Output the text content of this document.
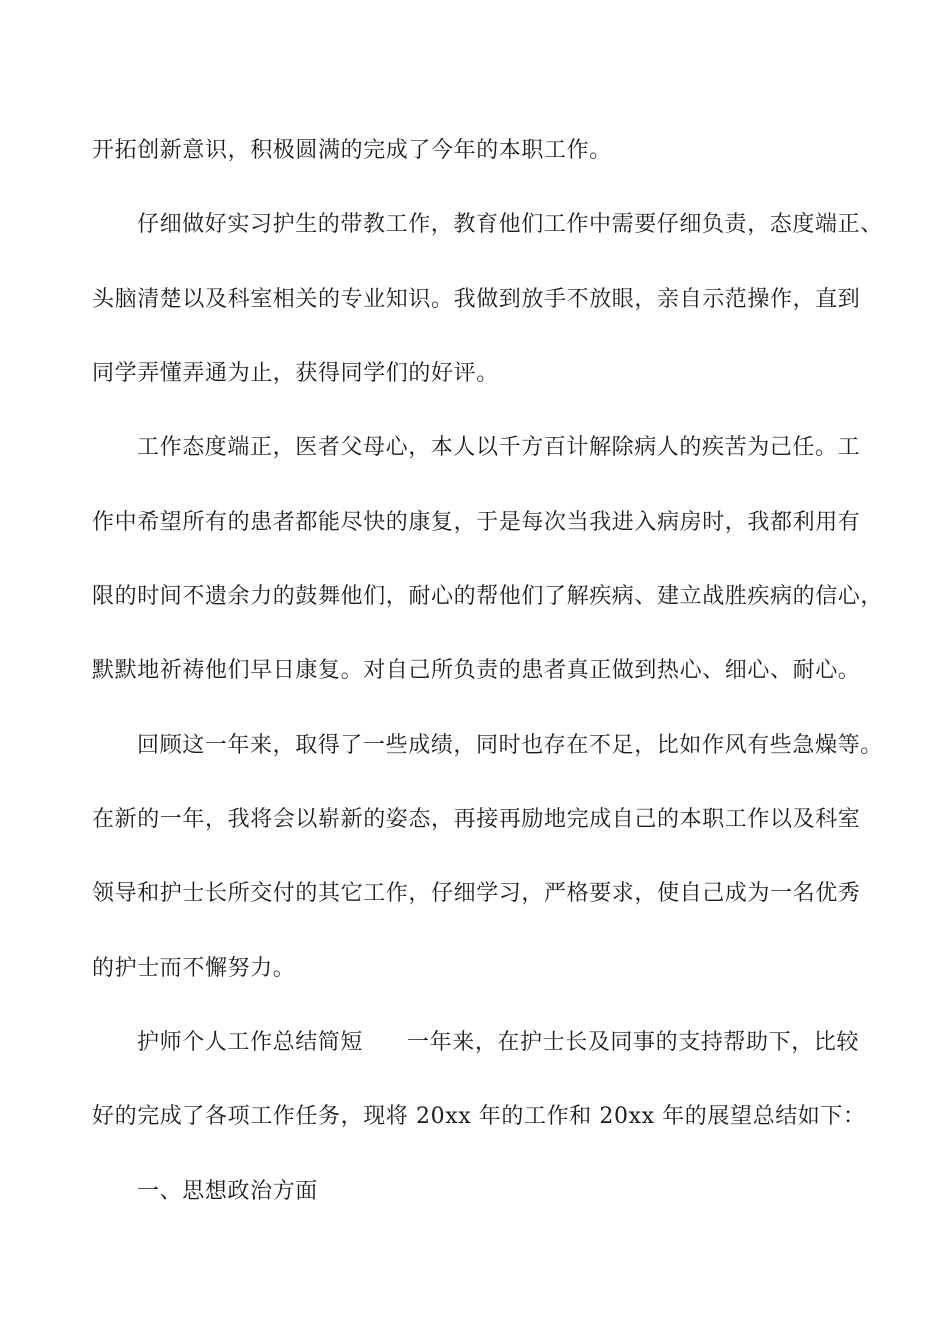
开拓创新意识，积极圆满的完成了今年的本职工作。
仔细做好实习护生的带教工作，教育他们工作中需要仔细负责，态度端正、
头脑清楚以及科室相关的专业知识。我做到放手不放眼，亲自示范操作，直到
同学弄懂弄通为止，获得同学们的好评。
工作态度端正，医者父母心，本人以千方百计解除病人的疾苦为己任。工
作中希望所有的患者都能尽快的康复，于是每次当我进入病房时，我都利用有
限的时间不遗余力的鼓舞他们，耐心的帮他们了解疾病、建立战胜疾病的信心，
默默地祈祷他们早日康复。对自己所负责的患者真正做到热心、细心、耐心。
回顾这一年来，取得了一些成绩，同时也存在不足，比如作风有些急燥等。
在新的一年，我将会以崭新的姿态，再接再励地完成自己的本职工作以及科室
领导和护士长所交付的其它工作，仔细学习，严格要求，使自己成为一名优秀
的护士而不懈努力。
护师个人工作总结简短 一年来，在护士长及同事的支持帮助下，比较
好的完成了各项工作任务，现将 20xx 年的工作和 20xx 年的展望总结如下：
一、思想政治方面
